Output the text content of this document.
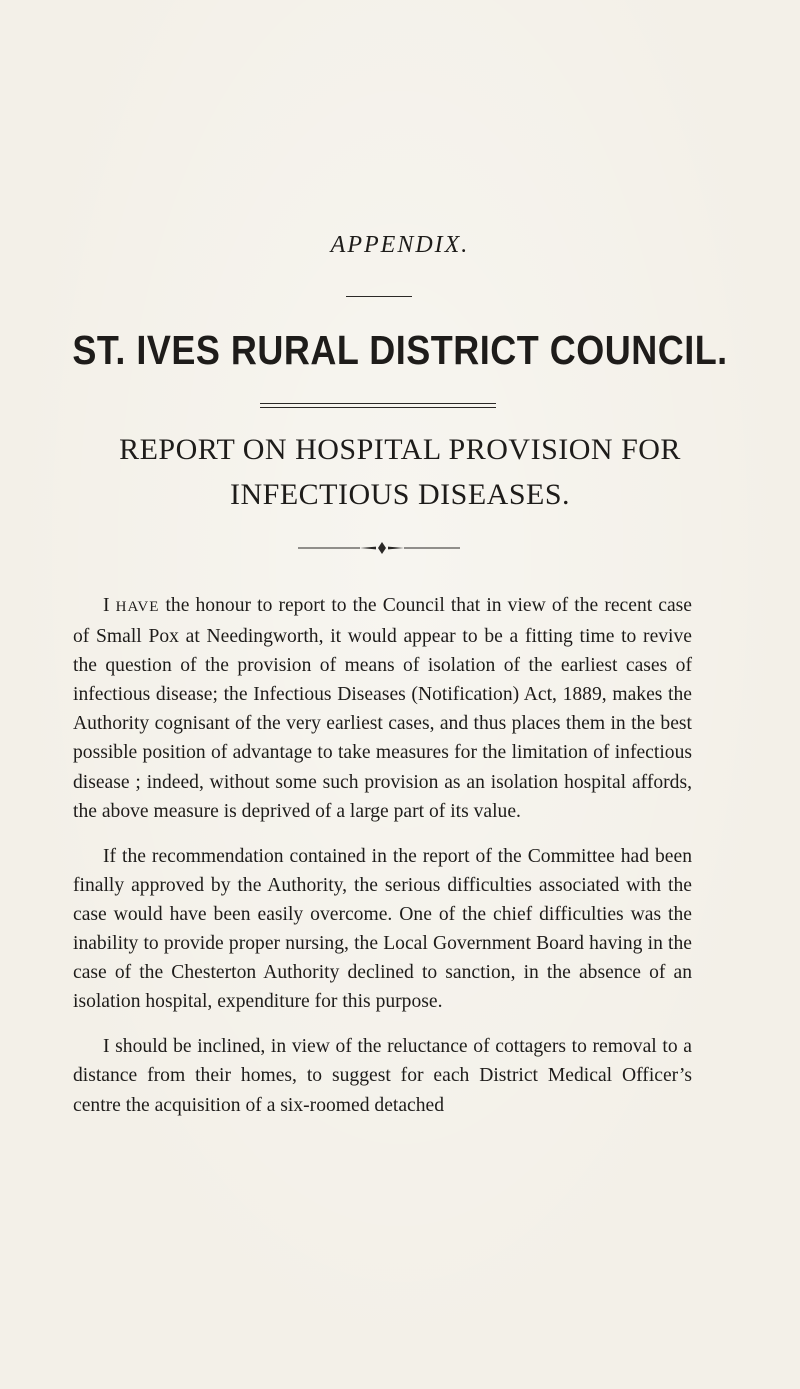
APPENDIX.
ST. IVES RURAL DISTRICT COUNCIL.
REPORT ON HOSPITAL PROVISION FOR INFECTIOUS DISEASES.

I HAVE the honour to report to the Council that in view of the recent case of Small Pox at Needingworth, it would appear to be a fitting time to revive the question of the provision of means of isolation of the earliest cases of infectious disease; the Infectious Diseases (Notification) Act, 1889, makes the Authority cognisant of the very earliest cases, and thus places them in the best possible position of advantage to take measures for the limitation of infectious disease ; indeed, without some such provision as an isolation hospital affords, the above measure is deprived of a large part of its value.

If the recommendation contained in the report of the Committee had been finally approved by the Authority, the serious difficulties associated with the case would have been easily overcome. One of the chief difficulties was the inability to provide proper nursing, the Local Government Board having in the case of the Chesterton Authority declined to sanction, in the absence of an isolation hospital, expenditure for this purpose.

I should be inclined, in view of the reluctance of cottagers to removal to a distance from their homes, to suggest for each District Medical Officer’s centre the acquisition of a six-roomed detached
